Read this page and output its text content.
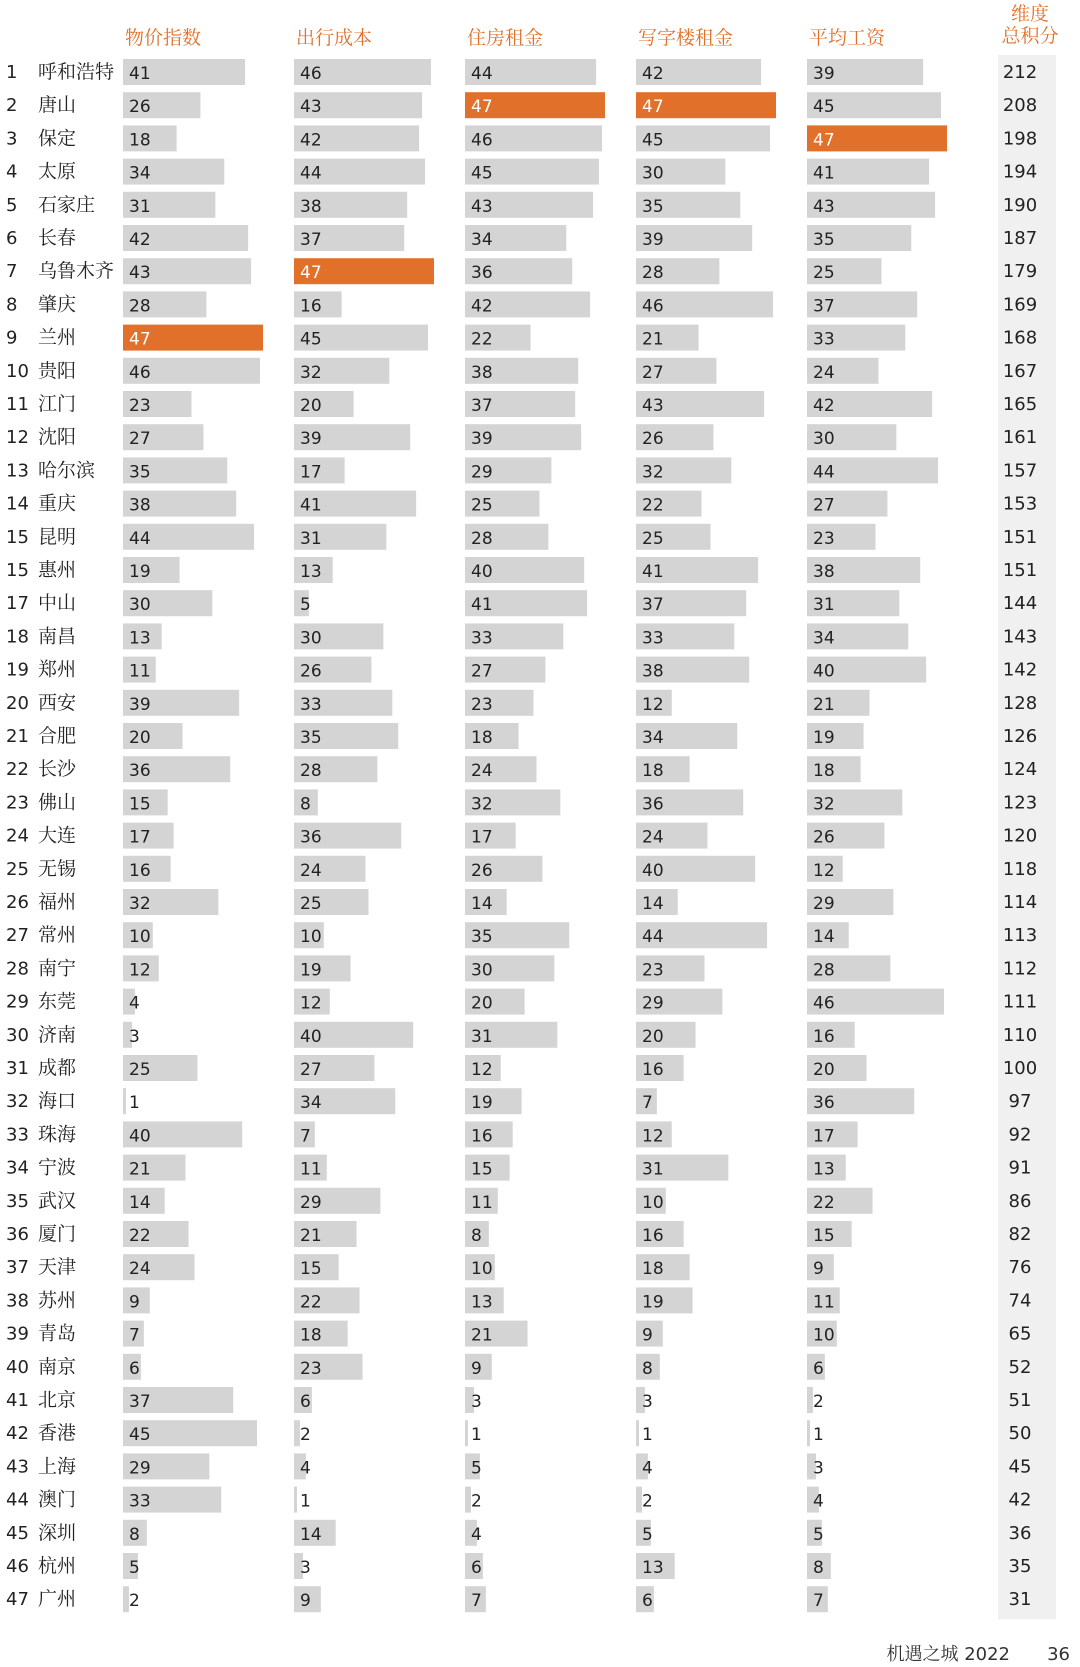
物价指数	出行成本	住房租金	写字楼租金	平均工资
维度
总积分
1 呼和浩特 41	46	44	42	39	212
2 唐山	26	43	47	47	45	208
3 保定	18	42	46	45	47	198
4 太原	34	44	45	30	41	194
5 石家庄 31	38	43	35	43	190
6 长春	42	37	34	39	35	187
7 乌鲁木齐 43	47	36	28	25	179
8 肇庆	28	16	42	46	37	169
9 兰州	47	45	22	21	33	168
10 贵阳	46	32	38	27	24	167
11 江门	23	20	37	43	42	165
12 沈阳	27	39	39	26	30	161
13 哈尔滨 35	17	29	32	44	157
14 重庆	38	41	25	22	27	153
15 昆明	44	31	28	25	23	151
15 惠州	19	13	40	41	38	151
17 中山	30	5	41	37	31	144
18 南昌	13	30	33	33	34	143
19 郑州	11	26	27	38	40	142
20 西安	39	33	23	12	21	128
21 合肥	20	35	18	34	19	126
22 长沙	36	28	24	18	18	124
23 佛山	15	8	32	36	32	123
24 大连	17	36	17	24	26	120
25 无锡	16	24	26	40	12	118
26 福州	32	25	14	14	29	114
27 常州	10	10	35	44	14	113
28 南宁	12	19	30	23	28	112
29 东莞	4	12	20	29	46	111
30 济南	3	40	31	20	16	110
31 成都	25	27	12	16	20	100
32 海口	1	34	19	7	36	97
33 珠海	40	7	16	12	17	92
34 宁波	21	11	15	31	13	91
35 武汉	14	29	11	10	22	86
36 厦门	22	21	8	16	15	82
37 天津	24	15	10	18	9	76
38 苏州	9	22	13	19	11	74
39 青岛	7	18	21	9	10	65
40 南京	6	23	9	8	6	52
41 北京	37	6	3	3	2	51
42 香港	45	2	1	1	1	50
43 上海	29	4	5	4	3	45
44 澳门	33	1	2	2	4	42
45 深圳	8	14	4	5	5	36
46 杭州	5	3	6	13	8	35
47 广州	2	9	7	6	7	31
机遇之城 2022 36
